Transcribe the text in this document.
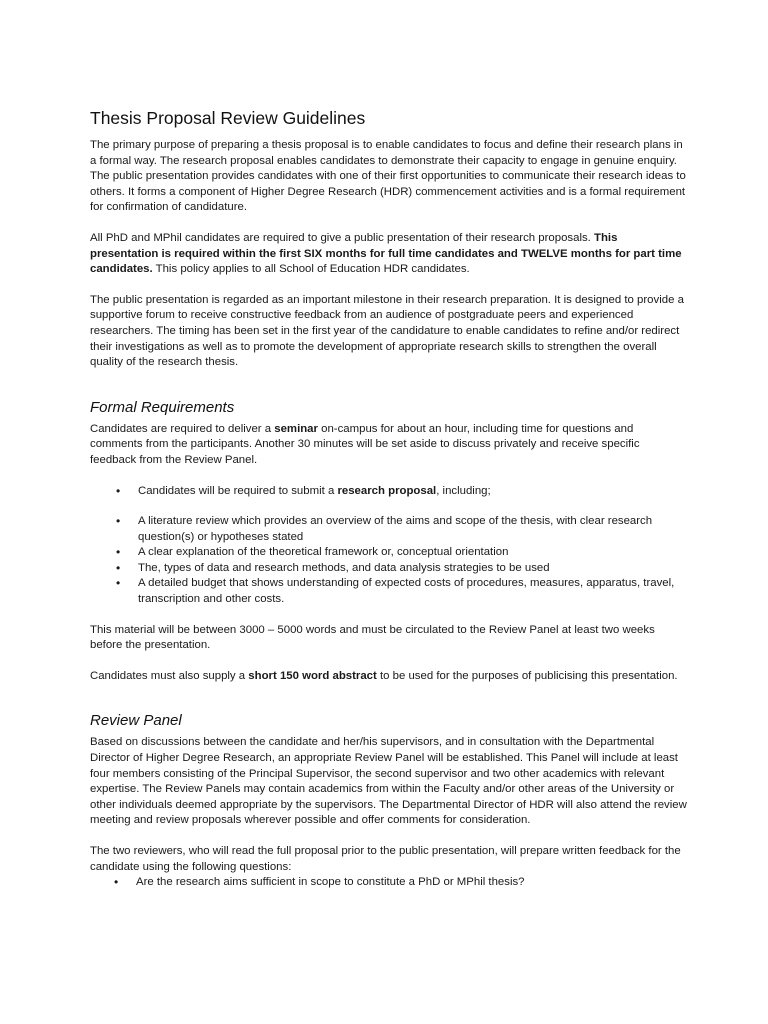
Thesis Proposal Review Guidelines

The primary purpose of preparing a thesis proposal is to enable candidates to focus and define their research plans in a formal way. The research proposal enables candidates to demonstrate their capacity to engage in genuine enquiry. The public presentation provides candidates with one of their first opportunities to communicate their research ideas to others. It forms a component of Higher Degree Research (HDR) commencement activities and is a formal requirement for confirmation of candidature.

All PhD and MPhil candidates are required to give a public presentation of their research proposals. This presentation is required within the first SIX months for full time candidates and TWELVE months for part time candidates. This policy applies to all School of Education HDR candidates.

The public presentation is regarded as an important milestone in their research preparation. It is designed to provide a supportive forum to receive constructive feedback from an audience of postgraduate peers and experienced researchers. The timing has been set in the first year of the candidature to enable candidates to refine and/or redirect their investigations as well as to promote the development of appropriate research skills to strengthen the overall quality of the research thesis.

Formal Requirements

Candidates are required to deliver a seminar on-campus for about an hour, including time for questions and comments from the participants. Another 30 minutes will be set aside to discuss privately and receive specific feedback from the Review Panel.

• Candidates will be required to submit a research proposal, including;
• A literature review which provides an overview of the aims and scope of the thesis, with clear research question(s) or hypotheses stated
• A clear explanation of the theoretical framework or, conceptual orientation
• The, types of data and research methods, and data analysis strategies to be used
• A detailed budget that shows understanding of expected costs of procedures, measures, apparatus, travel, transcription and other costs.

This material will be between 3000 – 5000 words and must be circulated to the Review Panel at least two weeks before the presentation.

Candidates must also supply a short 150 word abstract to be used for the purposes of publicising this presentation.

Review Panel

Based on discussions between the candidate and her/his supervisors, and in consultation with the Departmental Director of Higher Degree Research, an appropriate Review Panel will be established. This Panel will include at least four members consisting of the Principal Supervisor, the second supervisor and two other academics with relevant expertise. The Review Panels may contain academics from within the Faculty and/or other areas of the University or other individuals deemed appropriate by the supervisors. The Departmental Director of HDR will also attend the review meeting and review proposals wherever possible and offer comments for consideration.

The two reviewers, who will read the full proposal prior to the public presentation, will prepare written feedback for the candidate using the following questions:

• Are the research aims sufficient in scope to constitute a PhD or MPhil thesis?
